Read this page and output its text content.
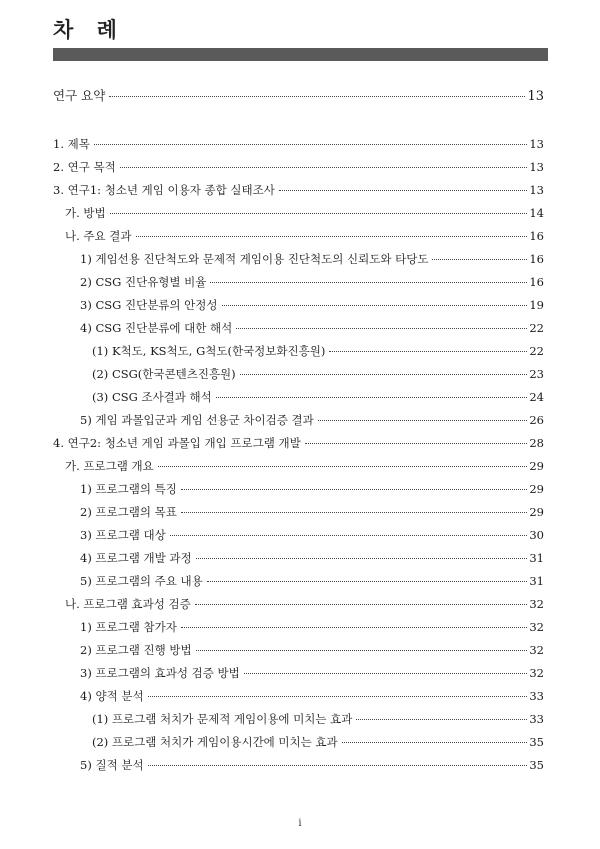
차 례
연구 요약	13
1. 제목	13
2. 연구 목적	13
3. 연구1: 청소년 게임 이용자 종합 실태조사	13
가. 방법	14
나. 주요 결과	16
1) 게임선용 진단척도와 문제적 게임이용 진단척도의 신뢰도와 타당도	16
2) CSG 진단유형별 비율	16
3) CSG 진단분류의 안정성	19
4) CSG 진단분류에 대한 해석	22
(1) K척도, KS척도, G척도(한국정보화진흥원)	22
(2) CSG(한국콘텐츠진흥원)	23
(3) CSG 조사결과 해석	24
5) 게임 과몰입군과 게임 선용군 차이검증 결과	26
4. 연구2: 청소년 게임 과몰입 개입 프로그램 개발	28
가. 프로그램 개요	29
1) 프로그램의 특징	29
2) 프로그램의 목표	29
3) 프로그램 대상	30
4) 프로그램 개발 과정	31
5) 프로그램의 주요 내용	31
나. 프로그램 효과성 검증	32
1) 프로그램 참가자	32
2) 프로그램 진행 방법	32
3) 프로그램의 효과성 검증 방법	32
4) 양적 분석	33
(1) 프로그램 처치가 문제적 게임이용에 미치는 효과	33
(2) 프로그램 처치가 게임이용시간에 미치는 효과	35
5) 질적 분석	35
i
